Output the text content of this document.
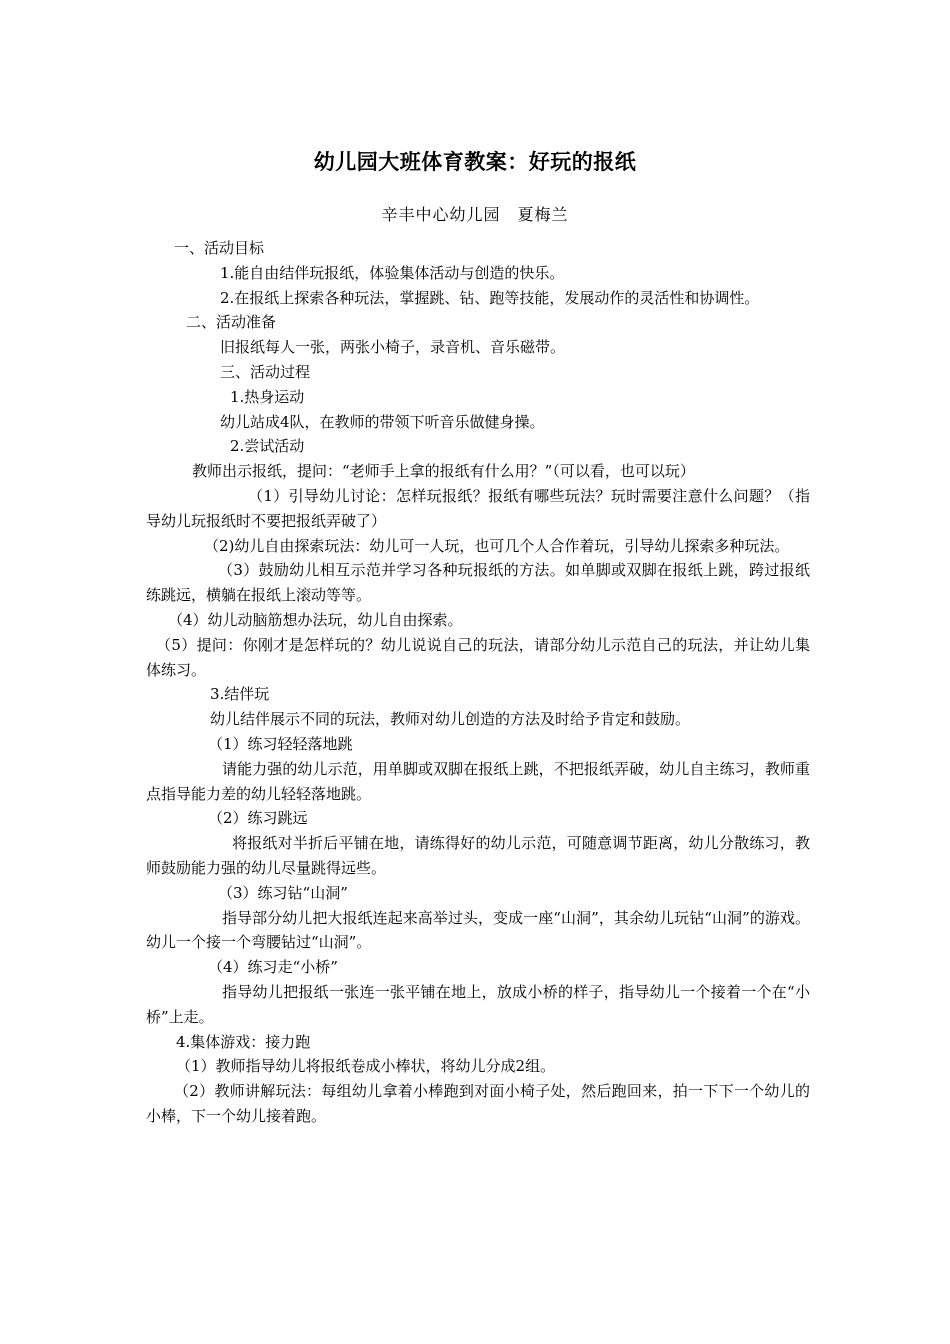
幼儿园大班体育教案：好玩的报纸
辛丰中心幼儿园　夏梅兰

一、活动目标

1.能自由结伴玩报纸，体验集体活动与创造的快乐。

2.在报纸上探索各种玩法，掌握跳、钻、跑等技能，发展动作的灵活性和协调性。

二、活动准备

旧报纸每人一张，两张小椅子，录音机、音乐磁带。

三、活动过程

1.热身运动

幼儿站成4队，在教师的带领下听音乐做健身操。

2.尝试活动

教师出示报纸，提问：“老师手上拿的报纸有什么用？”（可以看，也可以玩）

（1）引导幼儿讨论：怎样玩报纸？报纸有哪些玩法？玩时需要注意什么问题？（指导幼儿玩报纸时不要把报纸弄破了）

（2)幼儿自由探索玩法：幼儿可一人玩，也可几个人合作着玩，引导幼儿探索多种玩法。

（3）鼓励幼儿相互示范并学习各种玩报纸的方法。如单脚或双脚在报纸上跳，跨过报纸练跳远，横躺在报纸上滚动等等。

（4）幼儿动脑筋想办法玩，幼儿自由探索。

（5）提问：你刚才是怎样玩的？幼儿说说自己的玩法，请部分幼儿示范自己的玩法，并让幼儿集体练习。

3.结伴玩

幼儿结伴展示不同的玩法，教师对幼儿创造的方法及时给予肯定和鼓励。

（1）练习轻轻落地跳

请能力强的幼儿示范，用单脚或双脚在报纸上跳，不把报纸弄破，幼儿自主练习，教师重点指导能力差的幼儿轻轻落地跳。

（2）练习跳远

将报纸对半折后平铺在地，请练得好的幼儿示范，可随意调节距离，幼儿分散练习，教师鼓励能力强的幼儿尽量跳得远些。

（3）练习钻“山洞”

指导部分幼儿把大报纸连起来高举过头，变成一座“山洞”，其余幼儿玩钻“山洞”的游戏。幼儿一个接一个弯腰钻过“山洞”。

（4）练习走“小桥”

指导幼儿把报纸一张连一张平铺在地上，放成小桥的样子，指导幼儿一个接着一个在“小桥”上走。

4.集体游戏：接力跑

（1）教师指导幼儿将报纸卷成小棒状，将幼儿分成2组。

（2）教师讲解玩法：每组幼儿拿着小棒跑到对面小椅子处，然后跑回来，拍一下下一个幼儿的小棒，下一个幼儿接着跑。
